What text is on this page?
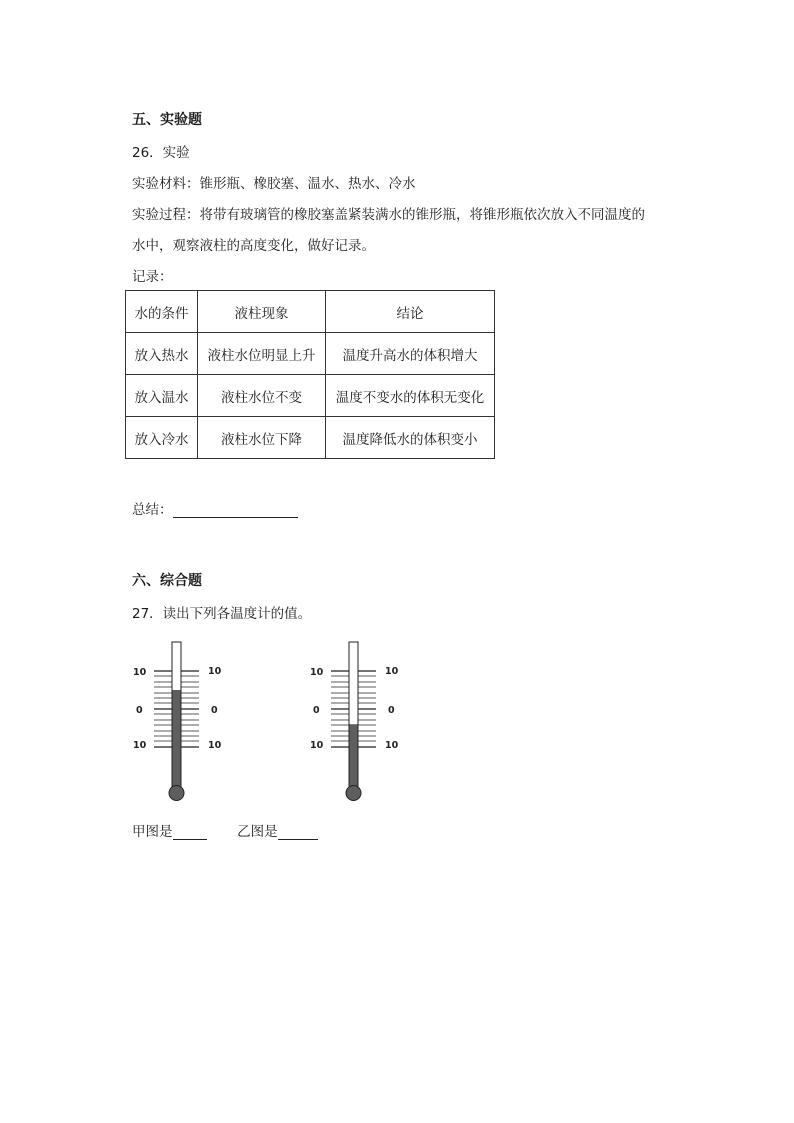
五、实验题
26．实验
实验材料：锥形瓶、橡胶塞、温水、热水、冷水
实验过程：将带有玻璃管的橡胶塞盖紧装满水的锥形瓶，将锥形瓶依次放入不同温度的
水中，观察液柱的高度变化，做好记录。
记录：
水的条件	液柱现象	结论
放入热水	液柱水位明显上升	温度升高水的体积增大
放入温水	液柱水位不变	温度不变水的体积无变化
放入冷水	液柱水位下降	温度降低水的体积变小
总结：
六、综合题
27．读出下列各温度计的值。
10
0
10
10
0
10
10
0
10
10
0
10
甲图是	乙图是
